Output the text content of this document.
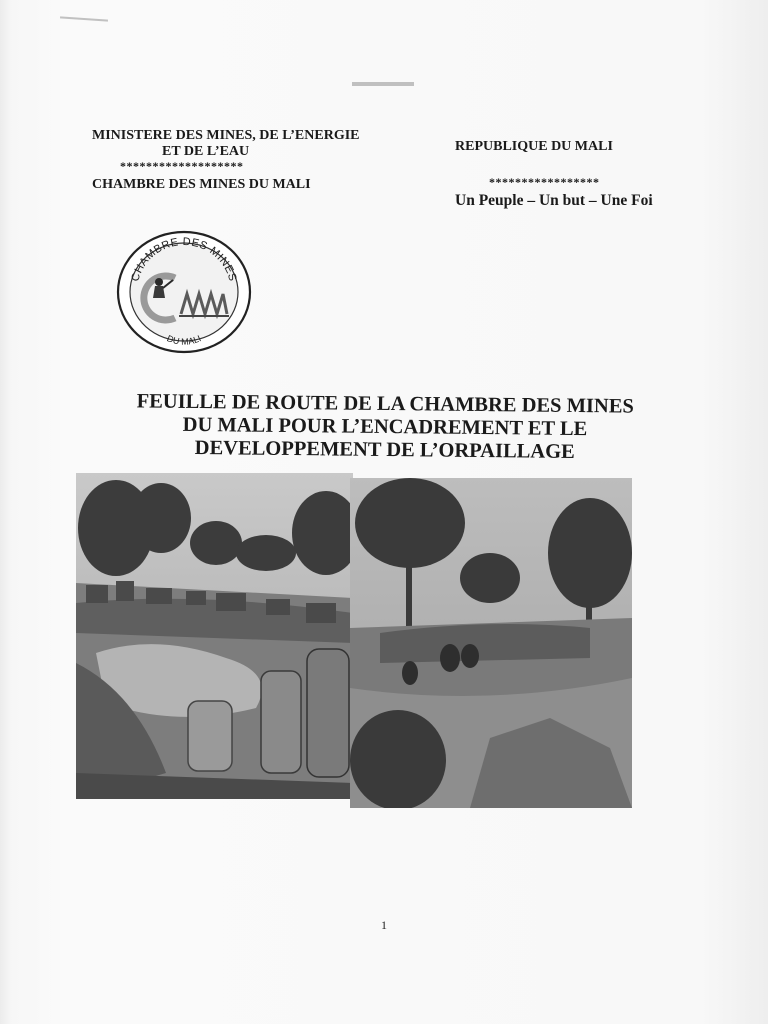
MINISTERE DES MINES, DE L’ENERGIE
ET DE L’EAU
*******************
CHAMBRE DES MINES DU MALI
REPUBLIQUE DU MALI
*****************
Un Peuple – Un but – Une Foi
CHAMBRE DES MINES
DU MALI
FEUILLE DE ROUTE DE LA CHAMBRE DES MINES
DU MALI POUR L’ENCADREMENT ET LE
DEVELOPPEMENT DE L’ORPAILLAGE
1
